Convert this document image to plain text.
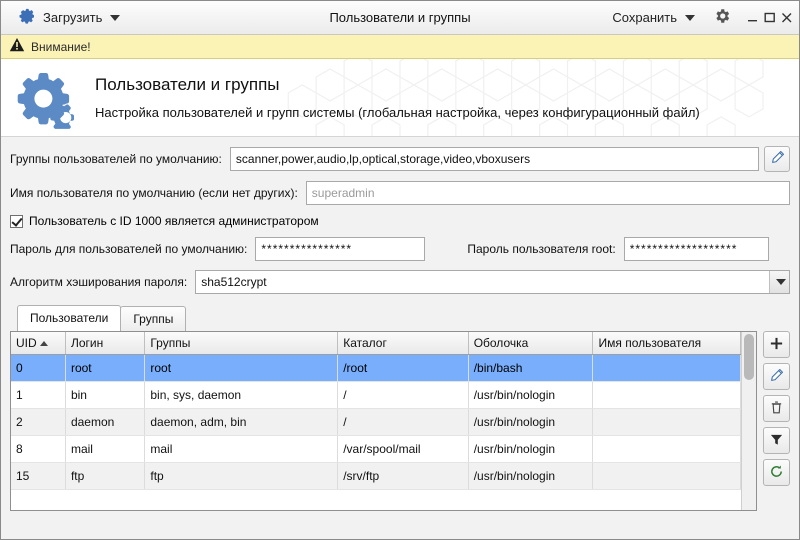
Пользователи и группы
Загрузить	Сохранить
Внимание!
Пользователи и группы
Настройка пользователей и групп системы (глобальная настройка, через конфигурационный файл)
Группы пользователей по умолчанию:
scanner,power,audio,lp,optical,storage,video,vboxusers
Имя пользователя по умолчанию (если нет других):
superadmin
Пользователь с ID 1000 является администратором
Пароль для пользователей по умолчанию:
****************	Пароль пользователя root:
*******************
Алгоритм хэширования пароля: sha512crypt
Пользователи	Группы
UID	Логин	Группы	Каталог	Оболочка	Имя пользователя
0	root	root	/root	/bin/bash	
1	bin	bin, sys, daemon	/	/usr/bin/nologin	
2	daemon	daemon, adm, bin	/	/usr/bin/nologin	
8	mail	mail	/var/spool/mail	/usr/bin/nologin	
15	ftp	ftp	/srv/ftp	/usr/bin/nologin	
